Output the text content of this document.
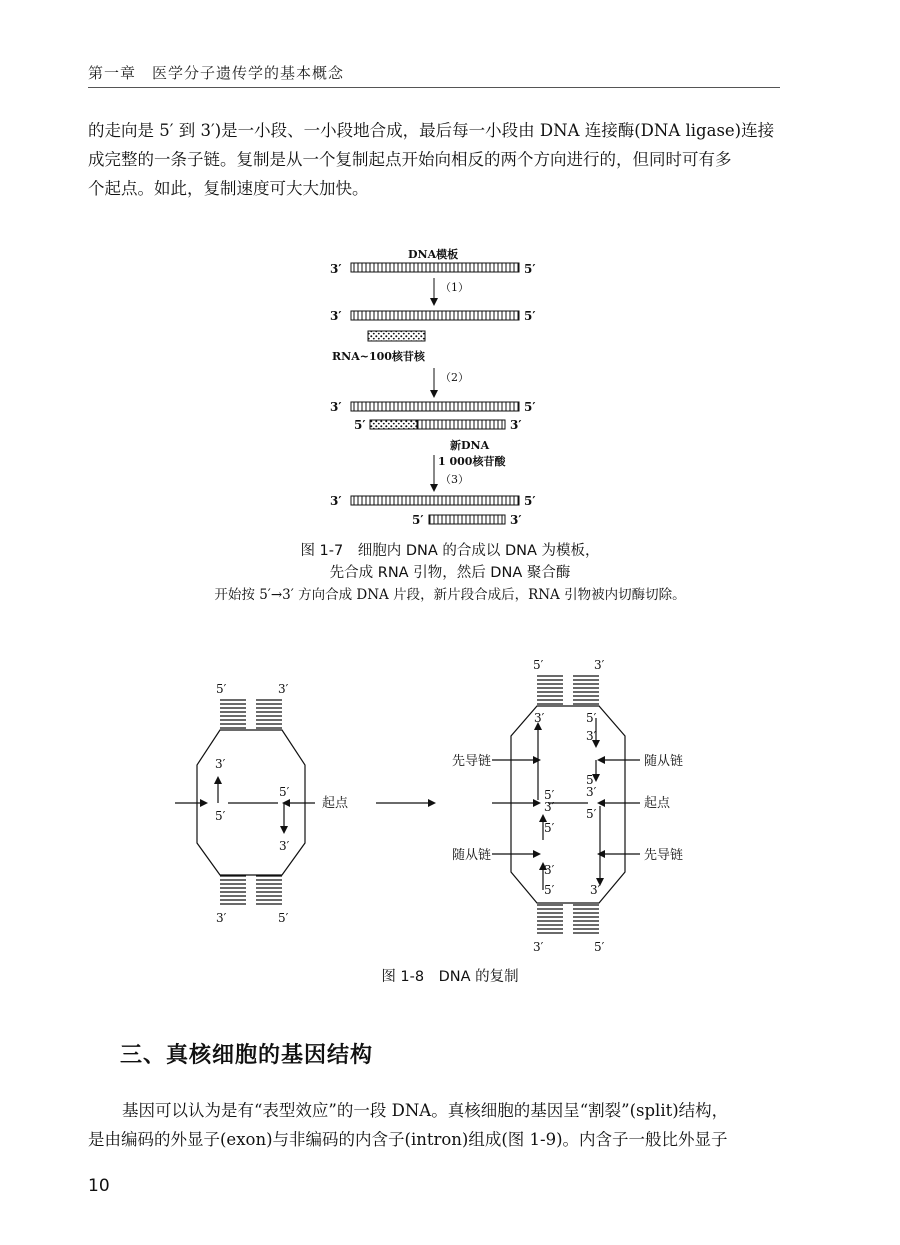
第一章　医学分子遗传学的基本概念

的走向是 5′ 到 3′)是一小段、一小段地合成，最后每一小段由 DNA 连接酶(DNA ligase)连接

成完整的一条子链。复制是从一个复制起点开始向相反的两个方向进行的，但同时可有多

个起点。如此，复制速度可大大加快。

DNA模板
3′	5′
（1）
3′	5′
RNA~100核苷核
（2）
3′	5′
5′	3′
新DNA
1 000核苷酸
（3）
3′	5′
5′	3′
图 1-7　细胞内 DNA 的合成以 DNA 为模板，
先合成 RNA 引物，然后 DNA 聚合酶
开始按 5′→3′ 方向合成 DNA 片段，新片段合成后，RNA 引物被内切酶切除。
5′	3′
3′	5′
3′
5′
5′
3′
起点
5′	3′
3′	5′
3′
5′
3′
5′
3′
5′
5′
3′
5′
3′
5′
3′
先导链
随从链
随从链
起点
先导链
图 1-8　DNA 的复制
三、真核细胞的基因结构

基因可以认为是有“表型效应”的一段 DNA。真核细胞的基因呈“割裂”(split)结构，

是由编码的外显子(exon)与非编码的内含子(intron)组成(图 1-9)。内含子一般比外显子

10
